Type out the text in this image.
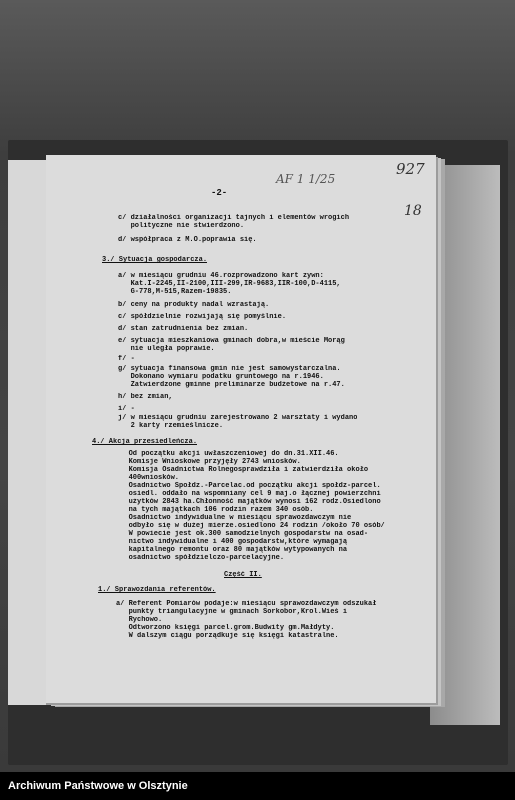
AF 1 1/25
927
18
-2-
c/ działalności organizacji tajnych i elementów wrogich
polityczne nie stwierdzono.
d/ współpraca z M.O.poprawia się.
3./ Sytuacja gospodarcza.
a/ w miesiącu grudniu 46.rozprowadzono kart zywn:
Kat.I-2245,II-2100,III-299,IR-9683,IIR-100,D-4115,
G-778,M-515,Razem-19835.
b/ ceny na produkty nadal wzrastają.
c/ spółdzielnie rozwijają się pomyślnie.
d/ stan zatrudnienia bez zmian.
e/ sytuacja mieszkaniowa gminach dobra,w mieście Morąg
nie uległa poprawie.
f/ -
g/ sytuacja finansowa gmin nie jest samowystarczalna.
Dokonano wymiaru podatku gruntowego na r.1946.
Zatwierdzone gminne preliminarze budżetowe na r.47.
h/ bez zmian,
i/ -
j/ w miesiącu grudniu zarejestrowano 2 warsztaty i wydano
2 karty rzemieślnicze.
4./ Akcja przesiedleńcza.
Od początku akcji uwłaszczeniowej do dn.31.XII.46.
Komisje Wnioskowe przyjęły 2743 wniosków.
Komisja Osadnictwa Rolnegosprawdziła i zatwierdziła około
400wniosków.
Osadnictwo Społdz.-Parcelac.od początku akcji społdz-parcel.
osiedl. oddało na wspomniany cel 9 maj.o łącznej powierzchni
użytków 2843 ha.Chłonność majątków wynosi 162 rodz.Osiedlono
na tych majątkach 106 rodzin razem 340 osób.
Osadnictwo indywidualne w miesiącu sprawozdawczym nie
odbyło się w dużej mierze.osiedlono 24 rodzin /około 70 osób/
W powiecie jest ok.300 samodzielnych gospodarstw na osad-
nictwo indywidualne i 400 gospodarstw,które wymagają
kapitalnego remontu oraz 80 majątków wytypowanych na
osadnictwo spółdzielczo-parcelacyjne.
Część II.
1./ Sprawozdania referentów.
a/ Referent Pomiarów podaje:w miesiącu sprawozdawczym odszukał
punkty triangulacyjne w gminach Sorkobor,Krol.Wieś i
Rychowo.
Odtworzono księgi parcel.grom.Budwity gm.Małdyty.
W dalszym ciągu porządkuje się księgi katastralne.
Archiwum Państwowe w Olsztynie
